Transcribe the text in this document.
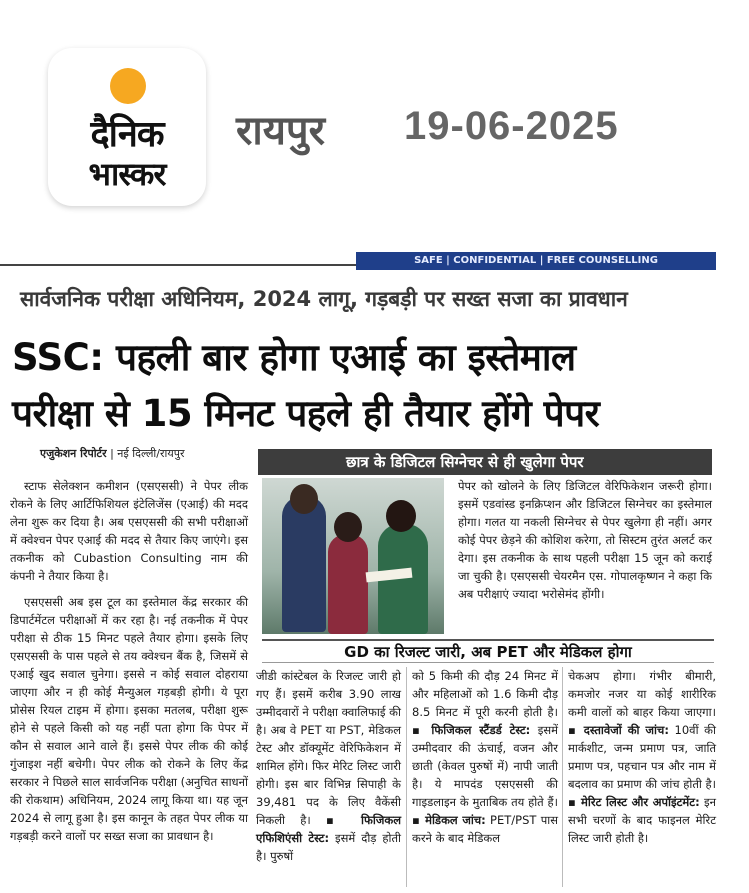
दैनिक
भास्कर
रायपुर 19-06-2025
SAFE | CONFIDENTIAL | FREE COUNSELLING
सार्वजनिक परीक्षा अधिनियम, 2024 लागू, गड़बड़ी पर सख्त सजा का प्रावधान
SSC: पहली बार होगा एआई का इस्तेमाल
परीक्षा से 15 मिनट पहले ही तैयार होंगे पेपर
एजुकेशन रिपोर्टर | नई दिल्ली/रायपुर	छात्र के डिजिटल सिग्नेचर से ही खुलेगा पेपर

स्टाफ सेलेक्शन कमीशन (एसएससी) ने पेपर लीक रोकने के लिए आर्टिफिशियल इंटेलिजेंस (एआई) की मदद लेना शुरू कर दिया है। अब एसएससी की सभी परीक्षाओं में क्वेश्चन पेपर एआई की मदद से तैयार किए जाएंगे। इस तकनीक को Cubastion Consulting नाम की कंपनी ने तैयार किया है।

एसएससी अब इस टूल का इस्तेमाल केंद्र सरकार की डिपार्टमेंटल परीक्षाओं में कर रहा है। नई तकनीक में पेपर परीक्षा से ठीक 15 मिनट पहले तैयार होगा। इसके लिए एसएससी के पास पहले से तय क्वेश्चन बैंक है, जिसमें से एआई खुद सवाल चुनेगा। इससे न कोई सवाल दोहराया जाएगा और न ही कोई मैन्युअल गड़बड़ी होगी। ये पूरा प्रोसेस रियल टाइम में होगा। इसका मतलब, परीक्षा शुरू होने से पहले किसी को यह नहीं पता होगा कि पेपर में कौन से सवाल आने वाले हैं। इससे पेपर लीक की कोई गुंजाइश नहीं बचेगी। पेपर लीक को रोकने के लिए केंद्र सरकार ने पिछले साल सार्वजनिक परीक्षा (अनुचित साधनों की रोकथाम) अधिनियम, 2024 लागू किया था। यह जून 2024 से लागू हुआ है। इस कानून के तहत पेपर लीक या गड़बड़ी करने वालों पर सख्त सजा का प्रावधान है।

पेपर को खोलने के लिए डिजिटल वेरिफिकेशन जरूरी होगा। इसमें एडवांस्ड इनक्रिप्शन और डिजिटल सिग्नेचर का इस्तेमाल होगा। गलत या नकली सिग्नेचर से पेपर खुलेगा ही नहीं। अगर कोई पेपर छेड़ने की कोशिश करेगा, तो सिस्टम तुरंत अलर्ट कर देगा। इस तकनीक के साथ पहली परीक्षा 15 जून को कराई जा चुकी है। एसएससी चेयरमैन एस. गोपालकृष्णन ने कहा कि अब परीक्षाएं ज्यादा भरोसेमंद होंगी।
GD का रिजल्ट जारी, अब PET और मेडिकल होगा
जीडी कांस्टेबल के रिजल्ट जारी हो गए हैं। इसमें करीब 3.90 लाख उम्मीदवारों ने परीक्षा क्वालिफाई की है। अब वे PET या PST, मेडिकल टेस्ट और डॉक्यूमेंट वेरिफिकेशन में शामिल होंगे। फिर मेरिट लिस्ट जारी होगी। इस बार विभिन्न सिपाही के 39,481 पद के लिए वैकेंसी निकली है। ▪ फिजिकल एफिशिएंसी टेस्ट: इसमें दौड़ होती है। पुरुषों
को 5 किमी की दौड़ 24 मिनट में और महिलाओं को 1.6 किमी दौड़ 8.5 मिनट में पूरी करनी होती है। ▪ फिजिकल स्टैंडर्ड टेस्ट: इसमें उम्मीदवार की ऊंचाई, वजन और छाती (केवल पुरुषों में) नापी जाती है। ये मापदंड एसएससी की गाइडलाइन के मुताबिक तय होते हैं। ▪ मेडिकल जांच: PET/PST पास करने के बाद मेडिकल
चेकअप होगा। गंभीर बीमारी, कमजोर नजर या कोई शारीरिक कमी वालों को बाहर किया जाएगा। ▪ दस्तावेजों की जांच: 10वीं की मार्कशीट, जन्म प्रमाण पत्र, जाति प्रमाण पत्र, पहचान पत्र और नाम में बदलाव का प्रमाण की जांच होती है। ▪ मेरिट लिस्ट और अपॉइंटमेंट: इन सभी चरणों के बाद फाइनल मेरिट लिस्ट जारी होती है।
